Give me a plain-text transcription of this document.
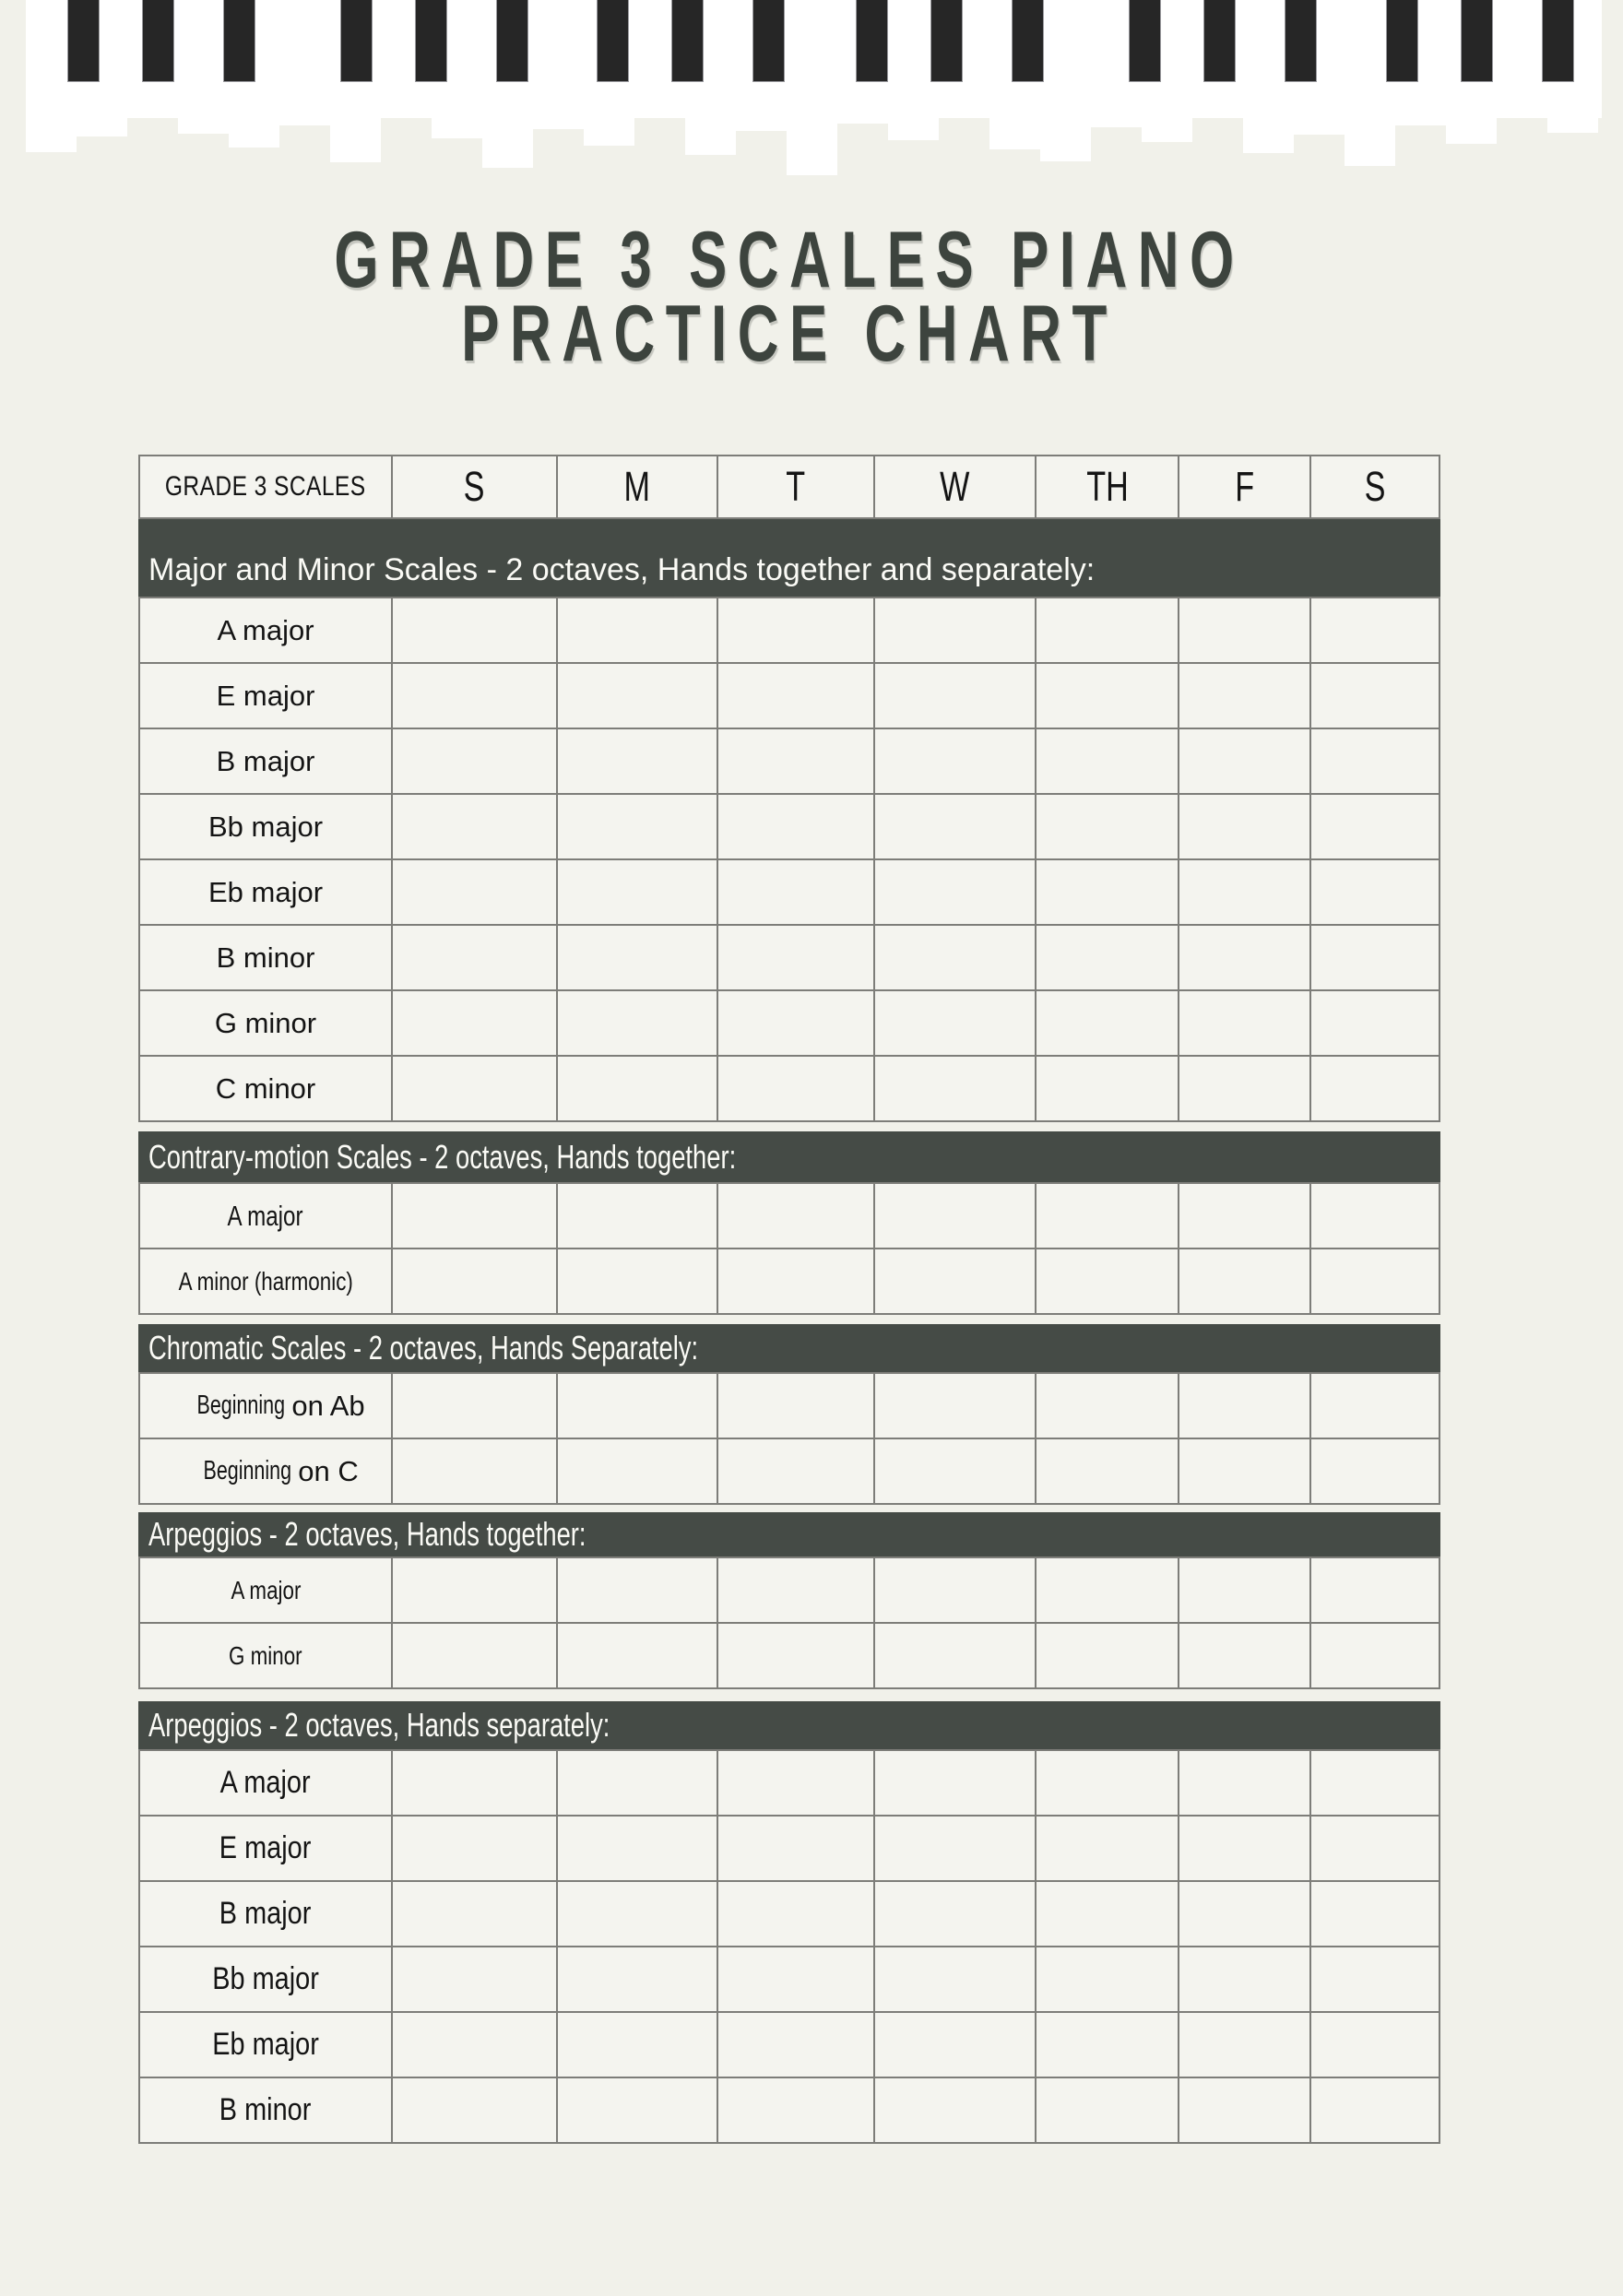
GRADE 3 SCALES PIANO
PRACTICE CHART
GRADE 3 SCALES S	M	T	W	TH	F	S
Major and Minor Scales - 2 octaves, Hands together and separately:
A major
E major
B major
Bb major
Eb major
B minor
G minor
C minor
Contrary-motion Scales - 2 octaves, Hands together:
A major
A minor (harmonic)
Chromatic Scales - 2 octaves, Hands Separately:
Beginning on Ab
Beginning on C
Arpeggios - 2 octaves, Hands together:
A major
G minor
Arpeggios - 2 octaves, Hands separately:
A major
E major
B major
Bb major
Eb major
B minor
